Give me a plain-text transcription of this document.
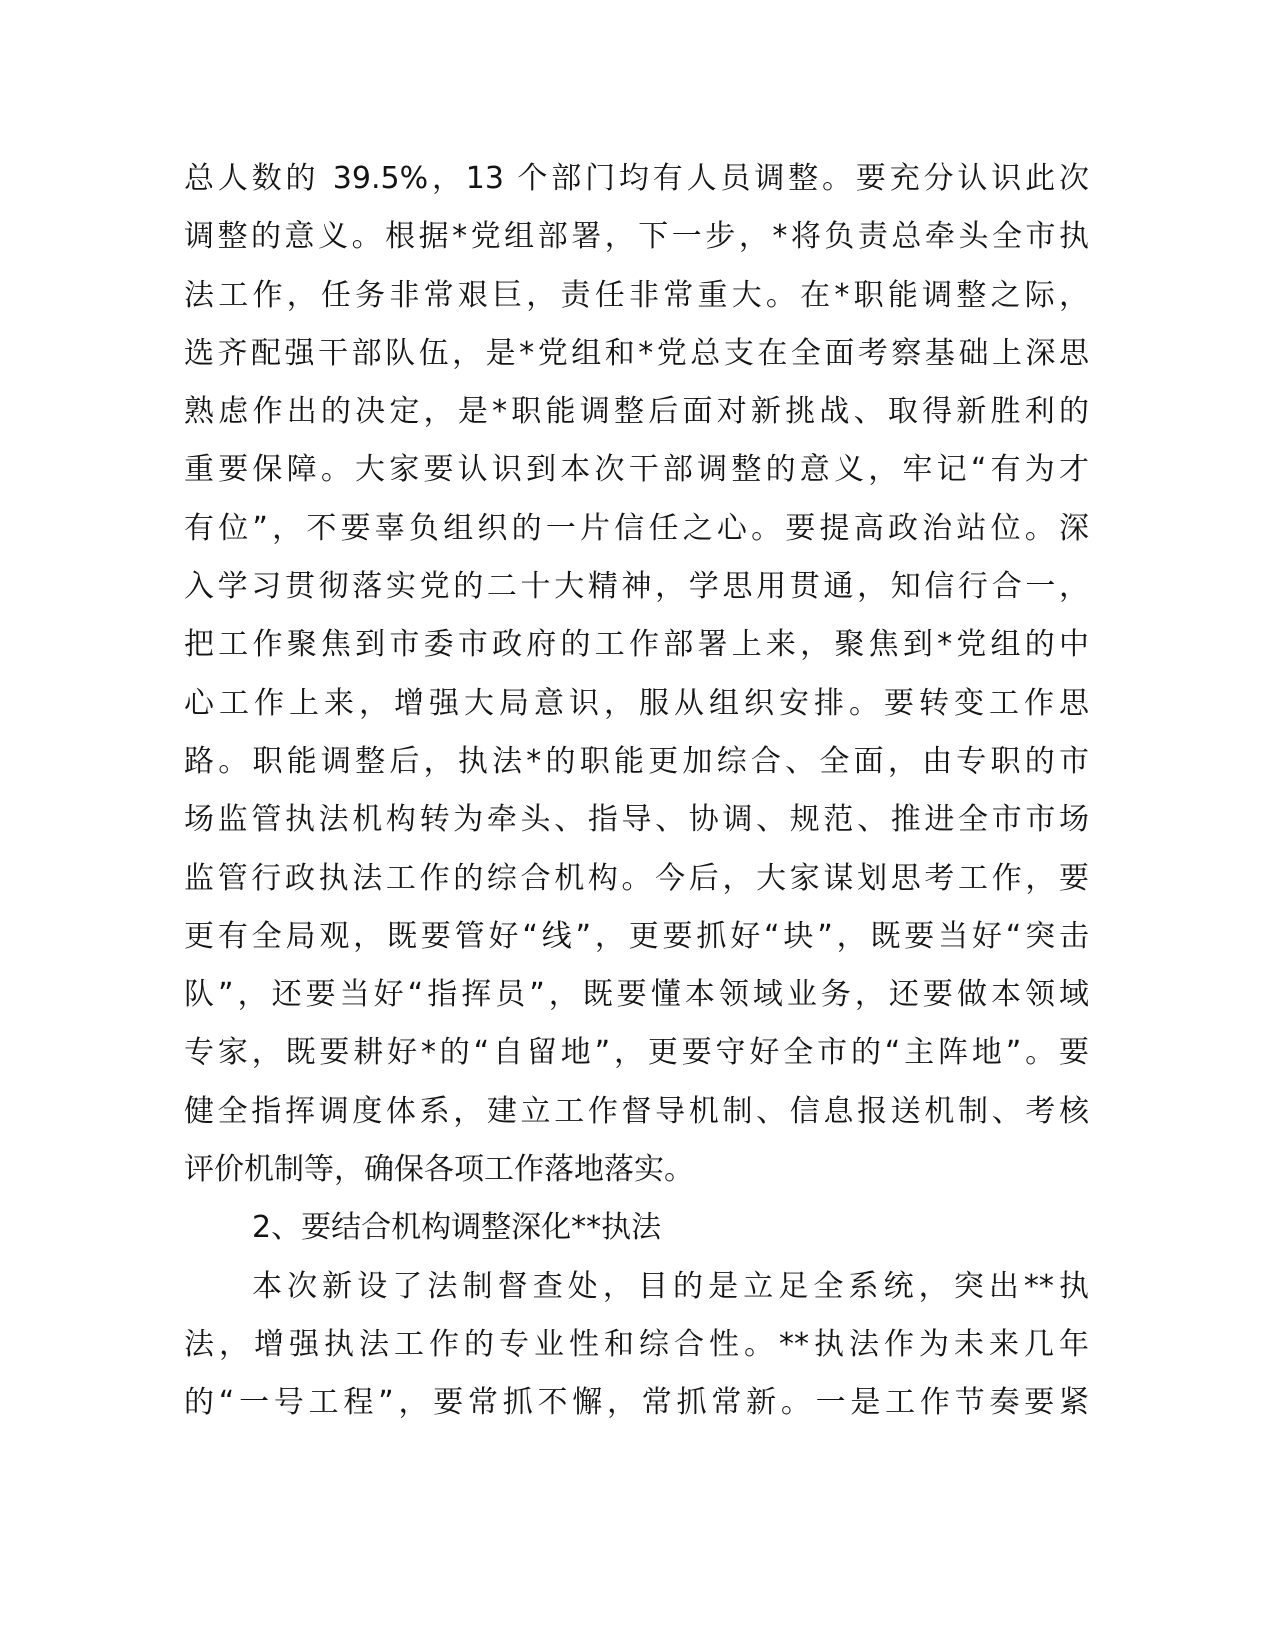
总人数的 39.5%，13 个部门均有人员调整。要充分认识此次
调整的意义。根据*党组部署，下一步，*将负责总牵头全市执
法工作，任务非常艰巨，责任非常重大。在*职能调整之际，
选齐配强干部队伍，是*党组和*党总支在全面考察基础上深思
熟虑作出的决定，是*职能调整后面对新挑战、取得新胜利的
重要保障。大家要认识到本次干部调整的意义，牢记“有为才
有位”，不要辜负组织的一片信任之心。要提高政治站位。深
入学习贯彻落实党的二十大精神，学思用贯通，知信行合一，
把工作聚焦到市委市政府的工作部署上来，聚焦到*党组的中
心工作上来，增强大局意识，服从组织安排。要转变工作思
路。职能调整后，执法*的职能更加综合、全面，由专职的市
场监管执法机构转为牵头、指导、协调、规范、推进全市市场
监管行政执法工作的综合机构。今后，大家谋划思考工作，要
更有全局观，既要管好“线”，更要抓好“块”，既要当好“突击
队”，还要当好“指挥员”，既要懂本领域业务，还要做本领域
专家，既要耕好*的“自留地”，更要守好全市的“主阵地”。要
健全指挥调度体系，建立工作督导机制、信息报送机制、考核
评价机制等，确保各项工作落地落实。
2、要结合机构调整深化**执法
本次新设了法制督查处，目的是立足全系统，突出**执
法，增强执法工作的专业性和综合性。**执法作为未来几年
的“一号工程”，要常抓不懈，常抓常新。一是工作节奏要紧
